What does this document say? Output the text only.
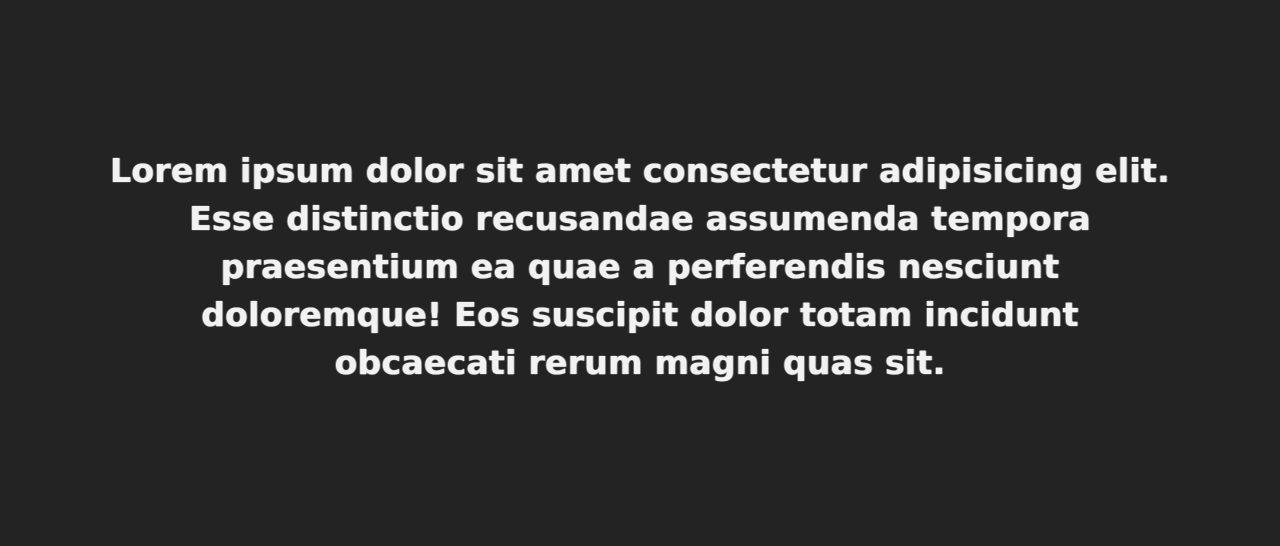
Lorem ipsum dolor sit amet consectetur adipisicing elit.
Esse distinctio recusandae assumenda tempora
praesentium ea quae a perferendis nesciunt
doloremque! Eos suscipit dolor totam incidunt
obcaecati rerum magni quas sit.
